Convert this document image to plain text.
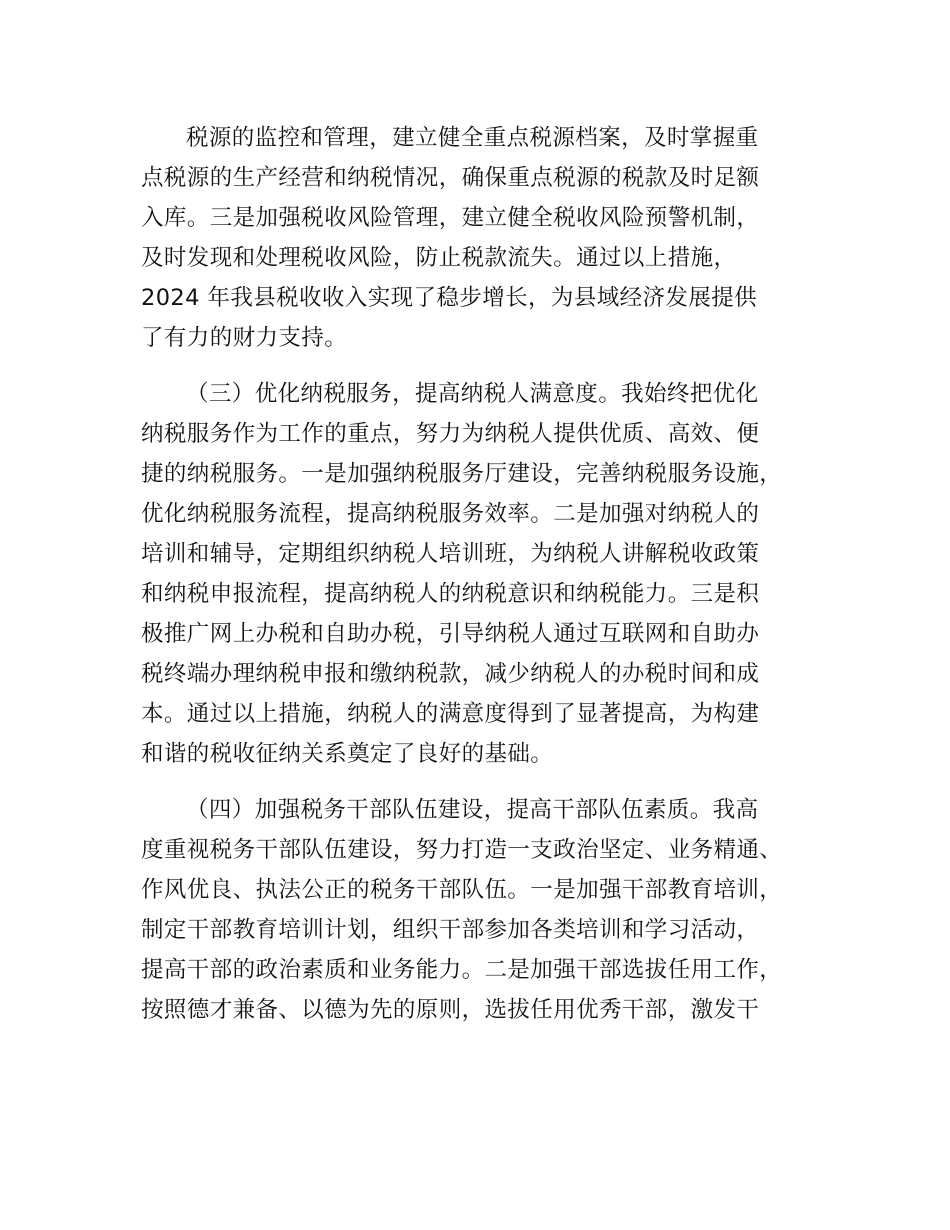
税源的监控和管理，建立健全重点税源档案，及时掌握重
点税源的生产经营和纳税情况，确保重点税源的税款及时足额
入库。三是加强税收风险管理，建立健全税收风险预警机制，
及时发现和处理税收风险，防止税款流失。通过以上措施，
2024 年我县税收收入实现了稳步增长，为县域经济发展提供
了有力的财力支持。
（三）优化纳税服务，提高纳税人满意度。我始终把优化
纳税服务作为工作的重点，努力为纳税人提供优质、高效、便
捷的纳税服务。一是加强纳税服务厅建设，完善纳税服务设施，
优化纳税服务流程，提高纳税服务效率。二是加强对纳税人的
培训和辅导，定期组织纳税人培训班，为纳税人讲解税收政策
和纳税申报流程，提高纳税人的纳税意识和纳税能力。三是积
极推广网上办税和自助办税，引导纳税人通过互联网和自助办
税终端办理纳税申报和缴纳税款，减少纳税人的办税时间和成
本。通过以上措施，纳税人的满意度得到了显著提高，为构建
和谐的税收征纳关系奠定了良好的基础。
（四）加强税务干部队伍建设，提高干部队伍素质。我高
度重视税务干部队伍建设，努力打造一支政治坚定、业务精通、
作风优良、执法公正的税务干部队伍。一是加强干部教育培训，
制定干部教育培训计划，组织干部参加各类培训和学习活动，
提高干部的政治素质和业务能力。二是加强干部选拔任用工作，
按照德才兼备、以德为先的原则，选拔任用优秀干部，激发干
